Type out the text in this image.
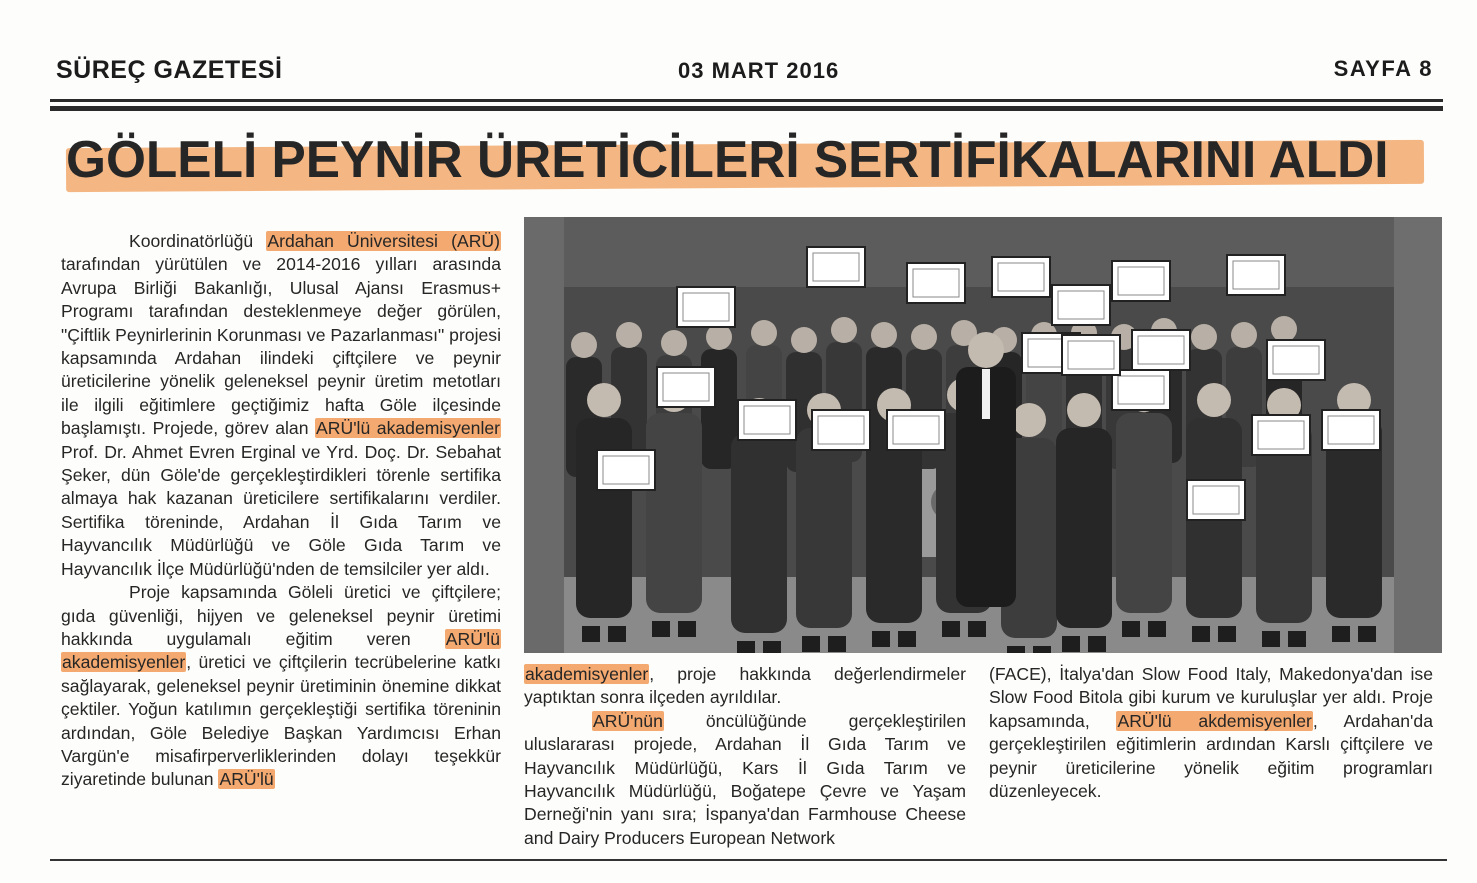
SÜREÇ GAZETESİ	03 MART 2016	SAYFA 8
GÖLELİ PEYNİR ÜRETİCİLERİ SERTİFİKALARINI ALDI

Koordinatörlüğü Ardahan Üniversitesi (ARÜ) tarafından yürütülen ve 2014-2016 yılları arasında Avrupa Birliği Bakanlığı, Ulusal Ajansı Erasmus+ Programı tarafından desteklenmeye değer görülen, "Çiftlik Peynirlerinin Korunması ve Pazarlanması" projesi kapsamında Ardahan ilindeki çiftçilere ve peynir üreticilerine yönelik geleneksel peynir üretim metotları ile ilgili eğitimlere geçtiğimiz hafta Göle ilçesinde başlamıştı. Projede, görev alan ARÜ'lü akademisyenler Prof. Dr. Ahmet Evren Erginal ve Yrd. Doç. Dr. Sebahat Şeker, dün Göle'de gerçekleştirdikleri törenle sertifika almaya hak kazanan üreticilere sertifikalarını verdiler. Sertifika töreninde, Ardahan İl Gıda Tarım ve Hayvancılık Müdürlüğü ve Göle Gıda Tarım ve Hayvancılık İlçe Müdürlüğü'nden de temsilciler yer aldı.

Proje kapsamında Göleli üretici ve çiftçilere; gıda güvenliği, hijyen ve geleneksel peynir üretimi hakkında uygulamalı eğitim veren ARÜ'lü akademisyenler, üretici ve çiftçilerin tecrübelerine katkı sağlayarak, geleneksel peynir üretiminin önemine dikkat çektiler. Yoğun katılımın gerçekleştiği sertifika töreninin ardından, Göle Belediye Başkan Yardımcısı Erhan Vargün'e misafirperverliklerinden dolayı teşekkür ziyaretinde bulunan ARÜ'lü

akademisyenler, proje hakkında değerlendirmeler yaptıktan sonra ilçeden ayrıldılar.

ARÜ'nün öncülüğünde gerçekleştirilen uluslararası projede, Ardahan İl Gıda Tarım ve Hayvancılık Müdürlüğü, Kars İl Gıda Tarım ve Hayvancılık Müdürlüğü, Boğatepe Çevre ve Yaşam Derneği'nin yanı sıra; İspanya'dan Farmhouse Cheese and Dairy Producers European Network

(FACE), İtalya'dan Slow Food Italy, Makedonya'dan ise Slow Food Bitola gibi kurum ve kuruluşlar yer aldı. Proje kapsamında, ARÜ'lü akdemisyenler, Ardahan'da gerçekleştirilen eğitimlerin ardından Karslı çiftçilere ve peynir üreticilerine yönelik eğitim programları düzenleyecek.
